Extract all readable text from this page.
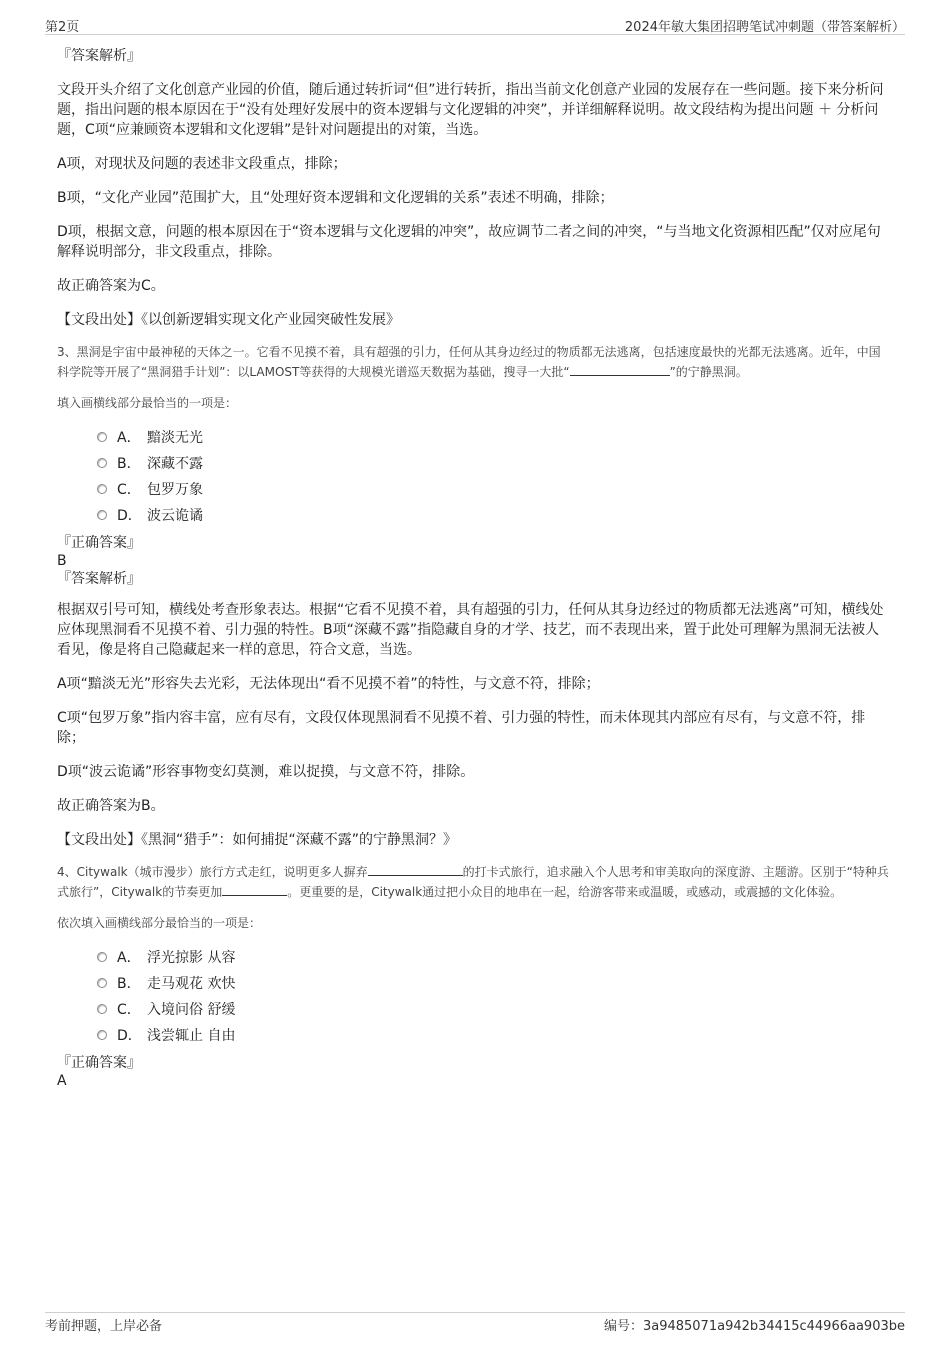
第2页	2024年敏大集团招聘笔试冲刺题（带答案解析）

『答案解析』

文段开头介绍了文化创意产业园的价值，随后通过转折词“但”进行转折，指出当前文化创意产业园的发展存在一些问题。接下来分析问题，指出问题的根本原因在于“没有处理好发展中的资本逻辑与文化逻辑的冲突”，并详细解释说明。故文段结构为提出问题 ＋ 分析问题，C项“应兼顾资本逻辑和文化逻辑”是针对问题提出的对策，当选。

A项，对现状及问题的表述非文段重点，排除；

B项，“文化产业园”范围扩大，且“处理好资本逻辑和文化逻辑的关系”表述不明确，排除；

D项，根据文意，问题的根本原因在于“资本逻辑与文化逻辑的冲突”，故应调节二者之间的冲突，“与当地文化资源相匹配”仅对应尾句解释说明部分，非文段重点，排除。

故正确答案为C。

【文段出处】《以创新逻辑实现文化产业园突破性发展》

3、黑洞是宇宙中最神秘的天体之一。它看不见摸不着，具有超强的引力，任何从其身边经过的物质都无法逃离，包括速度最快的光都无法逃离。近年，中国科学院等开展了“黑洞猎手计划”：以LAMOST等获得的大规模光谱巡天数据为基础，搜寻一大批“	”的宁静黑洞。

填入画横线部分最恰当的一项是：

A． 黯淡无光
B． 深藏不露
C． 包罗万象
D． 波云诡谲

『正确答案』

B

『答案解析』

根据双引号可知，横线处考查形象表达。根据“它看不见摸不着，具有超强的引力，任何从其身边经过的物质都无法逃离”可知，横线处应体现黑洞看不见摸不着、引力强的特性。B项“深藏不露”指隐藏自身的才学、技艺，而不表现出来，置于此处可理解为黑洞无法被人看见，像是将自己隐藏起来一样的意思，符合文意，当选。

A项“黯淡无光”形容失去光彩，无法体现出“看不见摸不着”的特性，与文意不符，排除；

C项“包罗万象”指内容丰富，应有尽有，文段仅体现黑洞看不见摸不着、引力强的特性，而未体现其内部应有尽有，与文意不符，排除；

D项“波云诡谲”形容事物变幻莫测，难以捉摸，与文意不符，排除。

故正确答案为B。

【文段出处】《黑洞“猎手”：如何捕捉“深藏不露”的宁静黑洞？》

4、Citywalk（城市漫步）旅行方式走红，说明更多人摒弃	的打卡式旅行，追求融入个人思考和审美取向的深度游、主题游。区别于“特种兵式旅行”，Citywalk的节奏更加	。更重要的是，Citywalk通过把小众目的地串在一起，给游客带来或温暖，或感动，或震撼的文化体验。

依次填入画横线部分最恰当的一项是：

A． 浮光掠影 从容
B． 走马观花 欢快
C． 入境问俗 舒缓
D． 浅尝辄止 自由

『正确答案』

A

考前押题，上岸必备	编号：3a9485071a942b34415c44966aa903be
